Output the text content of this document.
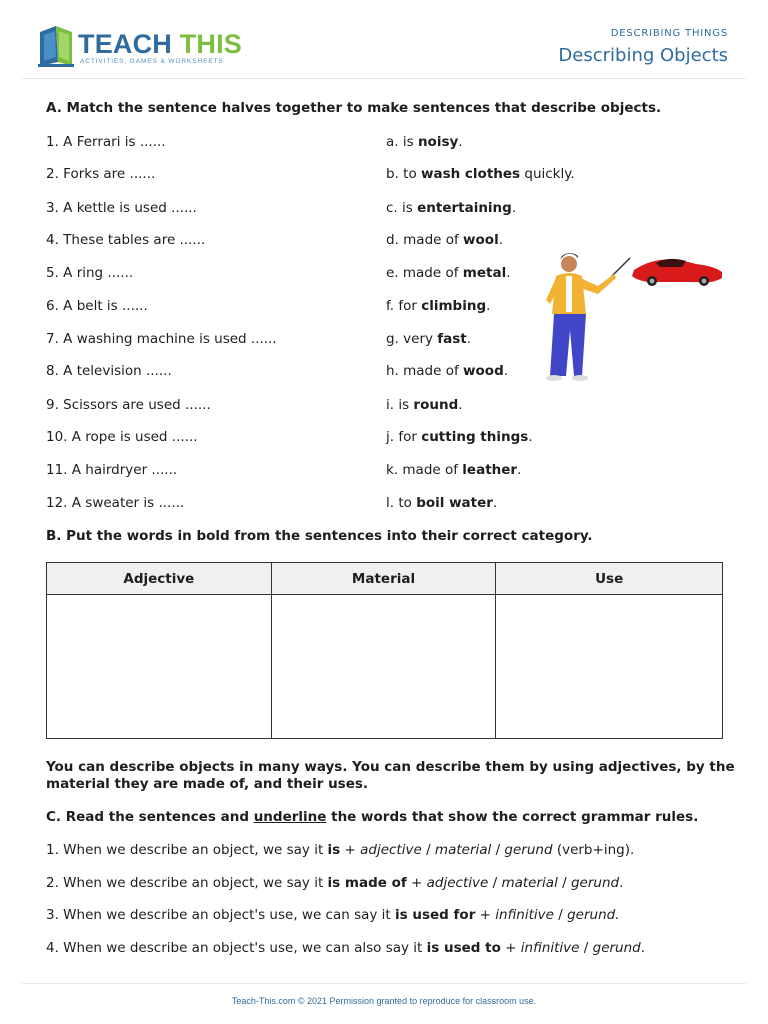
TEACH THIS
ACTIVITIES, GAMES & WORKSHEETS
DESCRIBING THINGS
Describing Objects
A. Match the sentence halves together to make sentences that describe objects.
1. A Ferrari is ......
2. Forks are ......
3. A kettle is used ......
4. These tables are ......
5. A ring ......
6. A belt is ......
7. A washing machine is used ......
8. A television ......
9. Scissors are used ......
10. A rope is used ......
11. A hairdryer ......
12. A sweater is ......
a. is noisy.
b. to wash clothes quickly.
c. is entertaining.
d. made of wool.
e. made of metal.
f. for climbing.
g. very fast.
h. made of wood.
i. is round.
j. for cutting things.
k. made of leather.
l. to boil water.
B. Put the words in bold from the sentences into their correct category.
Adjective	Material	Use

You can describe objects in many ways. You can describe them by using adjectives, by the material they are made of, and their uses.
C. Read the sentences and underline the words that show the correct grammar rules.
1. When we describe an object, we say it is + adjective / material / gerund (verb+ing).
2. When we describe an object, we say it is made of + adjective / material / gerund.
3. When we describe an object's use, we can say it is used for + infinitive / gerund.
4. When we describe an object's use, we can also say it is used to + infinitive / gerund.
Teach-This.com © 2021 Permission granted to reproduce for classroom use.
